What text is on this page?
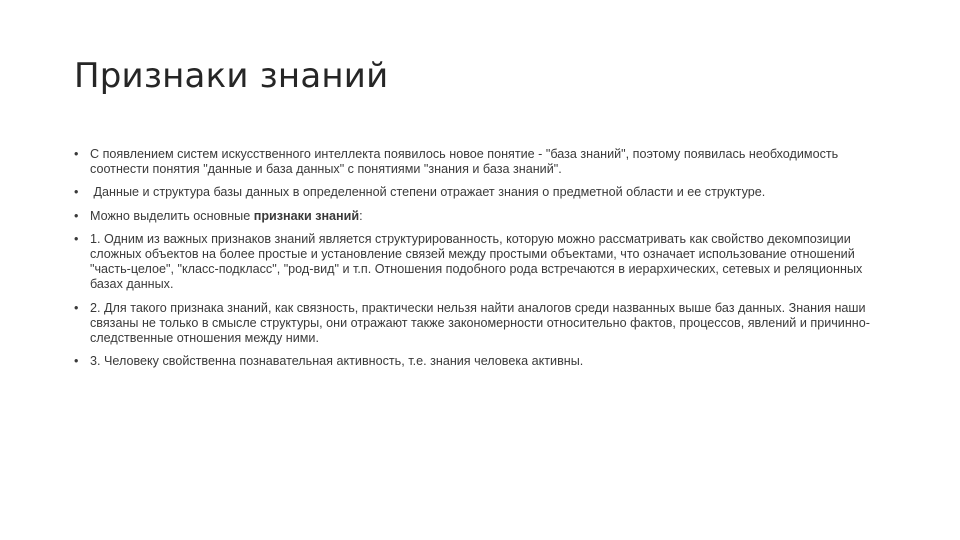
Признаки знаний
• С появлением систем искусственного интеллекта появилось новое понятие - "база знаний", поэтому появилась необходимость соотнести понятия "данные и база данных" с понятиями "знания и база знаний".
• Данные и структура базы данных в определенной степени отражает знания о предметной области и ее структуре.
• Можно выделить основные признаки знаний:
• 1. Одним из важных признаков знаний является структурированность, которую можно рассматривать как свойство декомпозиции сложных объектов на более простые и установление связей между простыми объектами, что означает использование отношений "часть-целое", "класс-подкласс", "род-вид" и т.п. Отношения подобного рода встречаются в иерархических, сетевых и реляционных базах данных.
• 2. Для такого признака знаний, как связность, практически нельзя найти аналогов среди названных выше баз данных. Знания наши связаны не только в смысле структуры, они отражают также закономерности относительно фактов, процессов, явлений и причинно-следственные отношения между ними.
• 3. Человеку свойственна познавательная активность, т.е. знания человека активны.
